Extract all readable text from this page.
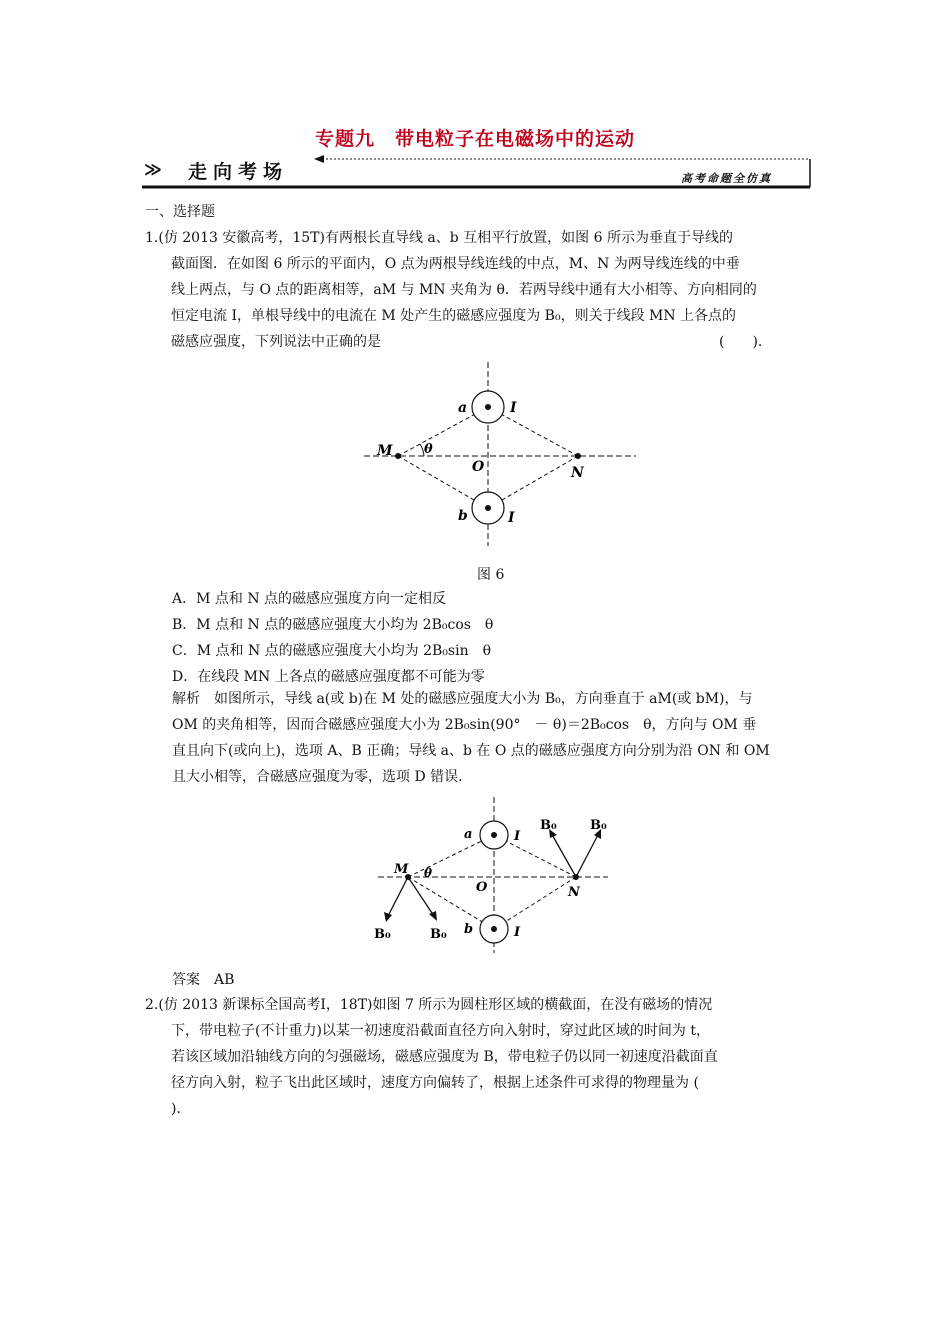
专题九　带电粒子在电磁场中的运动
≫ 走向考场	高考命题全仿真
一、选择题
1.(仿 2013 安徽高考，15T)有两根长直导线 a、b 互相平行放置，如图 6 所示为垂直于导线的
截面图．在如图 6 所示的平面内，O 点为两根导线连线的中点，M、N 为两导线连线的中垂
线上两点，与 O 点的距离相等，aM 与 MN 夹角为 θ．若两导线中通有大小相等、方向相同的
恒定电流 I，单根导线中的电流在 M 处产生的磁感应强度为 B₀，则关于线段 MN 上各点的
磁感应强度，下列说法中正确的是	(　　)．
a	I
b	I
M
N
O
θ
图 6
A．M 点和 N 点的磁感应强度方向一定相反
B．M 点和 N 点的磁感应强度大小均为 2B₀cos　θ
C．M 点和 N 点的磁感应强度大小均为 2B₀sin　θ
D．在线段 MN 上各点的磁感应强度都不可能为零
解析　如图所示，导线 a(或 b)在 M 处的磁感应强度大小为 B₀，方向垂直于 aM(或 bM)，与
OM 的夹角相等，因而合磁感应强度大小为 2B₀sin(90°　－ θ)＝2B₀cos　θ，方向与 OM 垂
直且向下(或向上)，选项 A、B 正确；导线 a、b 在 O 点的磁感应强度方向分别为沿 ON 和 OM
且大小相等，合磁感应强度为零，选项 D 错误．
a	I
b	I
M
N
O
θ
B₀	B₀
B₀	B₀
答案　AB
2.(仿 2013 新课标全国高考Ⅰ，18T)如图 7 所示为圆柱形区域的横截面，在没有磁场的情况
下，带电粒子(不计重力)以某一初速度沿截面直径方向入射时，穿过此区域的时间为 t，
若该区域加沿轴线方向的匀强磁场，磁感应强度为 B，带电粒子仍以同一初速度沿截面直
径方向入射，粒子飞出此区域时，速度方向偏转了，根据上述条件可求得的物理量为 (
)．
